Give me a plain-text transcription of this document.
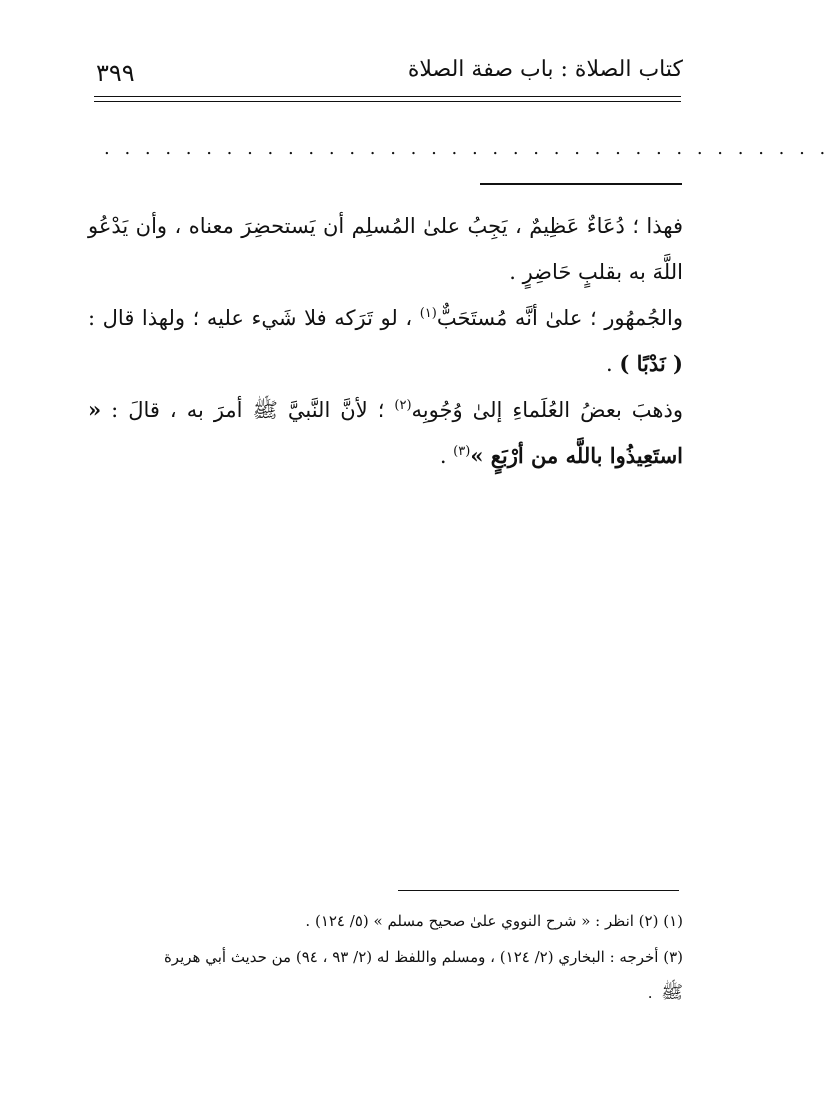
كتاب الصلاة : باب صفة الصلاة
٣٩٩
. . . . . . . . . . . . . . . . . . . . . . . . . . . . . . . . . . . .
فهذا ؛ دُعَاءٌ عَظِيمٌ ، يَجِبُ علىٰ المُسلِم أن يَستحضِرَ معناه ، وأن يَدْعُو اللَّهَ به بقلبٍ حَاضِرٍ .
والجُمهُور ؛ علىٰ أنَّه مُستَحَبٌّ$^{(١)}$ ، لو تَرَكه فلا شَيء عليه ؛ ولهذا قال : ( نَدْبًا ) .
وذهبَ بعضُ العُلَماءِ إلىٰ وُجُوبِه$^{(٢)}$ ؛ لأنَّ النَّبيَّ ﷺ أمرَ به ، قالَ : « استَعِيذُوا باللَّه من أرْبَعٍ »$^{(٣)}$ .

(١) (٢) انظر : « شرح النووي علىٰ صحيح مسلم » (٥/ ١٢٤) .

(٣) أخرجه : البخاري (٢/ ١٢٤) ، ومسلم واللفظ له (٢/ ٩٣ ، ٩٤) من حديث أبي هريرة

ﷺ .
